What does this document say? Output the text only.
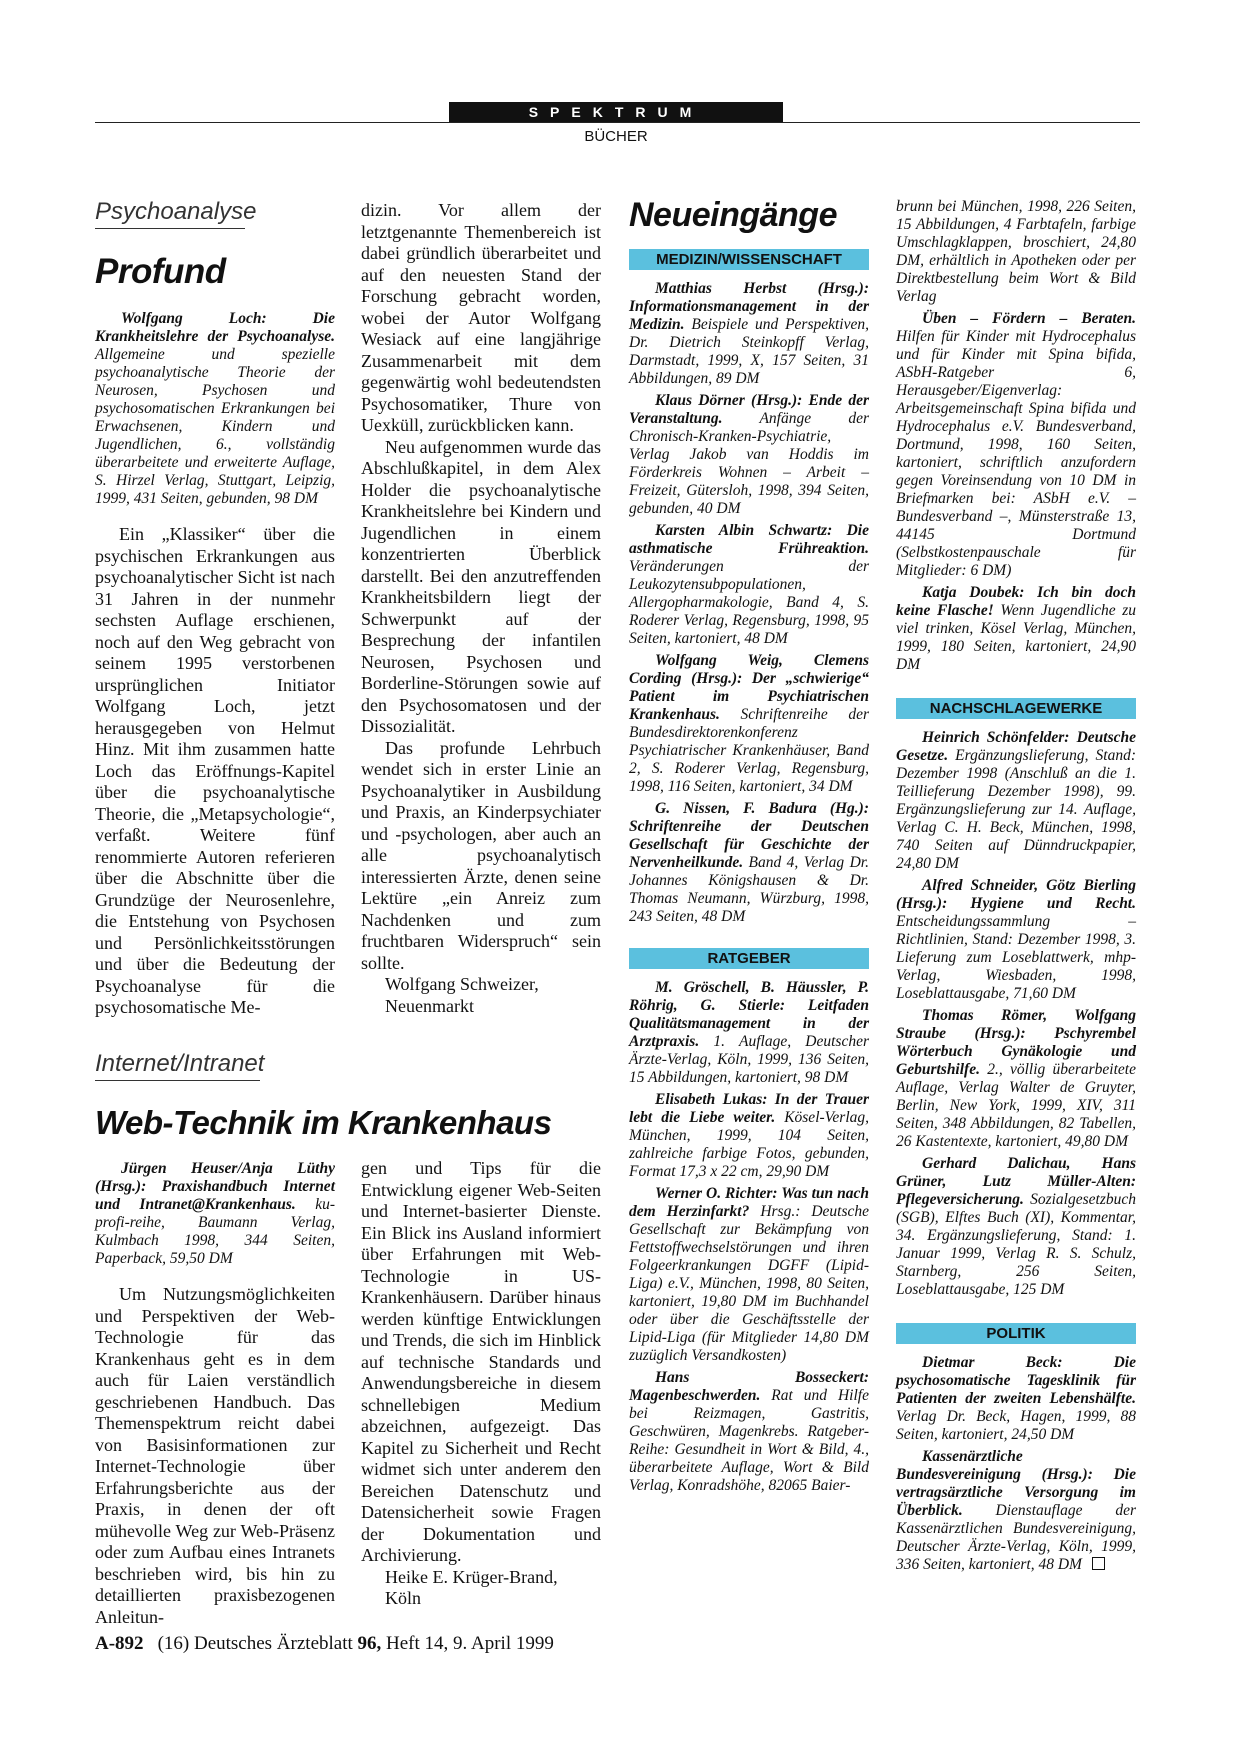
SPEKTRUM
BÜCHER
Psychoanalyse
Profund

Wolfgang Loch: Die Krankheitslehre der Psychoanalyse. Allgemeine und spezielle psychoanalytische Theorie der Neurosen, Psychosen und psychosomatischen Erkrankungen bei Erwachsenen, Kindern und Jugendlichen, 6., vollständig überarbeitete und erweiterte Auflage, S. Hirzel Verlag, Stuttgart, Leipzig, 1999, 431 Seiten, gebunden, 98 DM

Ein „Klassiker“ über die psychischen Erkrankungen aus psychoanalytischer Sicht ist nach 31 Jahren in der nunmehr sechsten Auflage erschienen, noch auf den Weg gebracht von seinem 1995 verstorbenen ursprünglichen Initiator Wolfgang Loch, jetzt herausgegeben von Helmut Hinz. Mit ihm zusammen hatte Loch das Eröffnungs-Kapitel über die psychoanalytische Theorie, die „Metapsychologie“, verfaßt. Weitere fünf renommierte Autoren referieren über die Abschnitte über die Grundzüge der Neurosenlehre, die Entstehung von Psychosen und Persönlichkeitsstörungen und über die Bedeutung der Psychoanalyse für die psychosomatische Me-

dizin. Vor allem der letztgenannte Themenbereich ist dabei gründlich überarbeitet und auf den neuesten Stand der Forschung gebracht worden, wobei der Autor Wolfgang Wesiack auf eine langjährige Zusammenarbeit mit dem gegenwärtig wohl bedeutendsten Psychosomatiker, Thure von Uexküll, zurückblicken kann.

Neu aufgenommen wurde das Abschlußkapitel, in dem Alex Holder die psychoanalytische Krankheitslehre bei Kindern und Jugendlichen in einem konzentrierten Überblick darstellt. Bei den anzutreffenden Krankheitsbildern liegt der Schwerpunkt auf der Besprechung der infantilen Neurosen, Psychosen und Borderline-Störungen sowie auf den Psychosomatosen und der Dissozialität.

Das profunde Lehrbuch wendet sich in erster Linie an Psychoanalytiker in Ausbildung und Praxis, an Kinderpsychiater und -psychologen, aber auch an alle psychoanalytisch interessierten Ärzte, denen seine Lektüre „ein Anreiz zum Nachdenken und zum fruchtbaren Widerspruch“ sein sollte.

Wolfgang Schweizer,

Neuenmarkt

Internet/Intranet
Web-Technik im Krankenhaus

Jürgen Heuser/Anja Lüthy (Hrsg.): Praxishandbuch Internet und Intranet@Krankenhaus. ku-profi-reihe, Baumann Verlag, Kulmbach 1998, 344 Seiten, Paperback, 59,50 DM

Um Nutzungsmöglichkeiten und Perspektiven der Web-Technologie für das Krankenhaus geht es in dem auch für Laien verständlich geschriebenen Handbuch. Das Themenspektrum reicht dabei von Basisinformationen zur Internet-Technologie über Erfahrungsberichte aus der Praxis, in denen der oft mühevolle Weg zur Web-Präsenz oder zum Aufbau eines Intranets beschrieben wird, bis hin zu detaillierten praxisbezogenen Anleitun-

gen und Tips für die Entwicklung eigener Web-Seiten und Internet-basierter Dienste. Ein Blick ins Ausland informiert über Erfahrungen mit Web-Technologie in US-Krankenhäusern. Darüber hinaus werden künftige Entwicklungen und Trends, die sich im Hinblick auf technische Standards und Anwendungsbereiche in diesem schnellebigen Medium abzeichnen, aufgezeigt. Das Kapitel zu Sicherheit und Recht widmet sich unter anderem den Bereichen Datenschutz und Datensicherheit sowie Fragen der Dokumentation und Archivierung.

Heike E. Krüger-Brand,

Köln

Neueingänge
MEDIZIN/WISSENSCHAFT

Matthias Herbst (Hrsg.): Informationsmanagement in der Medizin. Beispiele und Perspektiven, Dr. Dietrich Steinkopff Verlag, Darmstadt, 1999, X, 157 Seiten, 31 Abbildungen, 89 DM

Klaus Dörner (Hrsg.): Ende der Veranstaltung. Anfänge der Chronisch-Kranken-Psychiatrie, Verlag Jakob van Hoddis im Förderkreis Wohnen – Arbeit – Freizeit, Gütersloh, 1998, 394 Seiten, gebunden, 40 DM

Karsten Albin Schwartz: Die asthmatische Frühreaktion. Veränderungen der Leukozytensubpopulationen, Allergopharmakologie, Band 4, S. Roderer Verlag, Regensburg, 1998, 95 Seiten, kartoniert, 48 DM

Wolfgang Weig, Clemens Cording (Hrsg.): Der „schwierige“ Patient im Psychiatrischen Krankenhaus. Schriftenreihe der Bundesdirektorenkonferenz Psychiatrischer Krankenhäuser, Band 2, S. Roderer Verlag, Regensburg, 1998, 116 Seiten, kartoniert, 34 DM

G. Nissen, F. Badura (Hg.): Schriftenreihe der Deutschen Gesellschaft für Geschichte der Nervenheilkunde. Band 4, Verlag Dr. Johannes Königshausen & Dr. Thomas Neumann, Würzburg, 1998, 243 Seiten, 48 DM

RATGEBER

M. Gröschell, B. Häussler, P. Röhrig, G. Stierle: Leitfaden Qualitätsmanagement in der Arztpraxis. 1. Auflage, Deutscher Ärzte-Verlag, Köln, 1999, 136 Seiten, 15 Abbildungen, kartoniert, 98 DM

Elisabeth Lukas: In der Trauer lebt die Liebe weiter. Kösel-Verlag, München, 1999, 104 Seiten, zahlreiche farbige Fotos, gebunden, Format 17,3 x 22 cm, 29,90 DM

Werner O. Richter: Was tun nach dem Herzinfarkt? Hrsg.: Deutsche Gesellschaft zur Bekämpfung von Fettstoffwechselstörungen und ihren Folgeerkrankungen DGFF (Lipid-Liga) e.V., München, 1998, 80 Seiten, kartoniert, 19,80 DM im Buchhandel oder über die Geschäftsstelle der Lipid-Liga (für Mitglieder 14,80 DM zuzüglich Versandkosten)

Hans Bosseckert: Magenbeschwerden. Rat und Hilfe bei Reizmagen, Gastritis, Geschwüren, Magenkrebs. Ratgeber-Reihe: Gesundheit in Wort & Bild, 4., überarbeitete Auflage, Wort & Bild Verlag, Konradshöhe, 82065 Baier-

brunn bei München, 1998, 226 Seiten, 15 Abbildungen, 4 Farbtafeln, farbige Umschlagklappen, broschiert, 24,80 DM, erhältlich in Apotheken oder per Direktbestellung beim Wort & Bild Verlag

Üben – Fördern – Beraten. Hilfen für Kinder mit Hydrocephalus und für Kinder mit Spina bifida, ASbH-Ratgeber 6, Herausgeber/Eigenverlag: Arbeitsgemeinschaft Spina bifida und Hydrocephalus e.V. Bundesverband, Dortmund, 1998, 160 Seiten, kartoniert, schriftlich anzufordern gegen Voreinsendung von 10 DM in Briefmarken bei: ASbH e.V. – Bundesverband –, Münsterstraße 13, 44145 Dortmund (Selbstkostenpauschale für Mitglieder: 6 DM)

Katja Doubek: Ich bin doch keine Flasche! Wenn Jugendliche zu viel trinken, Kösel Verlag, München, 1999, 180 Seiten, kartoniert, 24,90 DM

NACHSCHLAGEWERKE

Heinrich Schönfelder: Deutsche Gesetze. Ergänzungslieferung, Stand: Dezember 1998 (Anschluß an die 1. Teillieferung Dezember 1998), 99. Ergänzungslieferung zur 14. Auflage, Verlag C. H. Beck, München, 1998, 740 Seiten auf Dünndruckpapier, 24,80 DM

Alfred Schneider, Götz Bierling (Hrsg.): Hygiene und Recht. Entscheidungssammlung – Richtlinien, Stand: Dezember 1998, 3. Lieferung zum Loseblattwerk, mhp-Verlag, Wiesbaden, 1998, Loseblattausgabe, 71,60 DM

Thomas Römer, Wolfgang Straube (Hrsg.): Pschyrembel Wörterbuch Gynäkologie und Geburtshilfe. 2., völlig überarbeitete Auflage, Verlag Walter de Gruyter, Berlin, New York, 1999, XIV, 311 Seiten, 348 Abbildungen, 82 Tabellen, 26 Kastentexte, kartoniert, 49,80 DM

Gerhard Dalichau, Hans Grüner, Lutz Müller-Alten: Pflegeversicherung. Sozialgesetzbuch (SGB), Elftes Buch (XI), Kommentar, 34. Ergänzungslieferung, Stand: 1. Januar 1999, Verlag R. S. Schulz, Starnberg, 256 Seiten, Loseblattausgabe, 125 DM

POLITIK

Dietmar Beck: Die psychosomatische Tagesklinik für Patienten der zweiten Lebenshälfte. Verlag Dr. Beck, Hagen, 1999, 88 Seiten, kartoniert, 24,50 DM

Kassenärztliche Bundesvereinigung (Hrsg.): Die vertragsärztliche Versorgung im Überblick. Dienstauflage der Kassenärztlichen Bundesvereinigung, Deutscher Ärzte-Verlag, Köln, 1999, 336 Seiten, kartoniert, 48 DM

A-892 (16) Deutsches Ärzteblatt 96, Heft 14, 9. April 1999
